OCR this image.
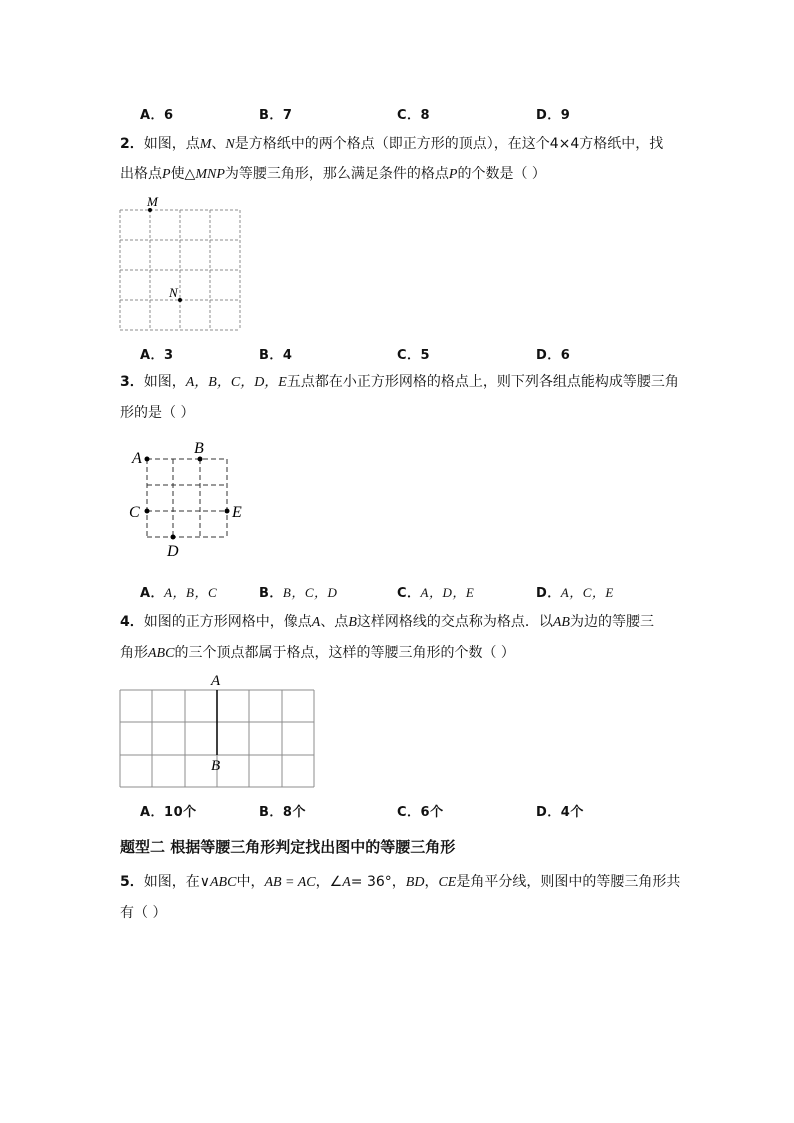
A．6	B．7	C．8	D．9
2．如图，点M、N是方格纸中的两个格点（即正方形的顶点），在这个4×4方格纸中，找
出格点P使△MNP为等腰三角形，那么满足条件的格点P的个数是（ ）
M
N
A．3	B．4	C．5	D．6
3．如图，A，B，C，D，E五点都在小正方形网格的格点上，则下列各组点能构成等腰三角
形的是（ ）
A
B
C
D
E
A．A，B，C	B．B，C，D	C．A，D，E	D．A，C，E
4．如图的正方形网格中，像点A、点B这样网格线的交点称为格点．以AB为边的等腰三
角形ABC的三个顶点都属于格点，这样的等腰三角形的个数（ ）
A
B
A．10个	B．8个	C．6个	D．4个
题型二 根据等腰三角形判定找出图中的等腰三角形
5．如图，在∨ABC中，AB = AC，∠A= 36°，BD，CE是角平分线，则图中的等腰三角形共
有（ ）
